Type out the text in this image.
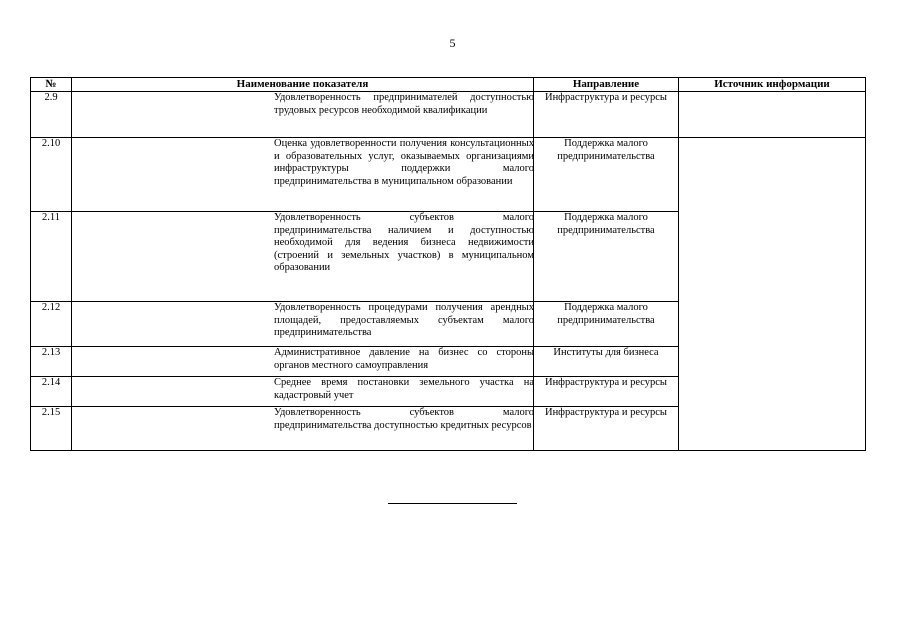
5
№	Наименование показателя	Направление	Источник информации
2.9	Удовлетворенность предпринимателей доступностью трудовых ресурсов необходимой квалификации	Инфраструктура и ресурсы	
2.10	Оценка удовлетворенности получения консультационных и образовательных услуг, оказываемых организациями инфраструктуры поддержки малого предпринимательства в муниципальном образовании	Поддержка малого предпринимательства	
2.11	Удовлетворенность субъектов малого предпринимательства наличием и доступностью необходимой для ведения бизнеса недвижимости (строений и земельных участков) в муниципальном образовании	Поддержка малого предпринимательства	
2.12	Удовлетворенность процедурами получения арендных площадей, предоставляемых субъектам малого предпринимательства	Поддержка малого предпринимательства	
2.13	Административное давление на бизнес со стороны органов местного самоуправления	Институты для бизнеса	
2.14	Среднее время постановки земельного участка на кадастровый учет	Инфраструктура и ресурсы	
2.15	Удовлетворенность субъектов малого предпринимательства доступностью кредитных ресурсов	Инфраструктура и ресурсы	
